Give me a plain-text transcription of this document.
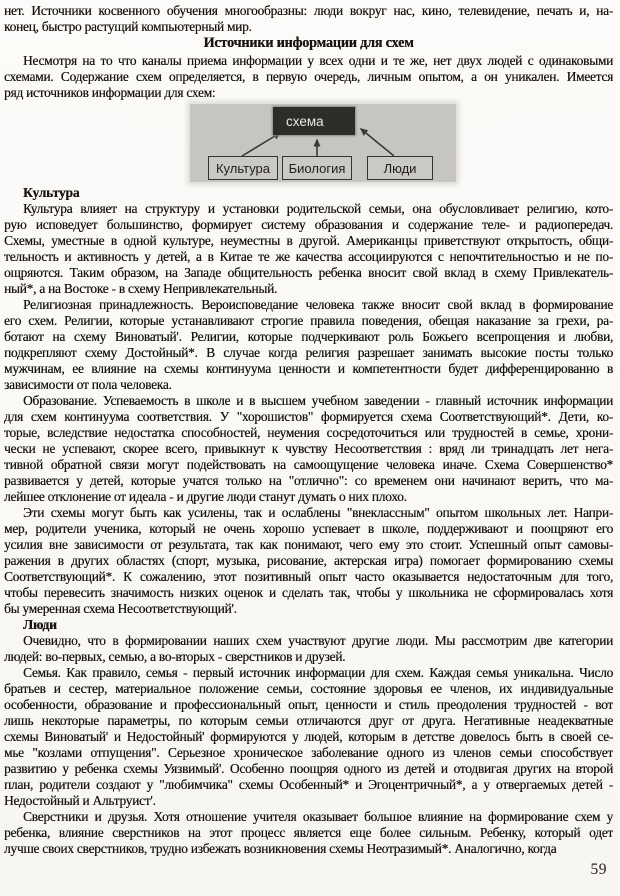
нет. Источники косвенного обучения многообразны: люди вокруг нас, кино, телевидение, печать и, на-
конец, быстро растущий компьютерный мир.
Источники информации для схем
Несмотря на то что каналы приема информации у всех одни и те же, нет двух людей с одинаковыми
схемами. Содержание схем определяется, в первую очередь, личным опытом, а он уникален. Имеется
ряд источников информации для схем:
схема
Культура Биология	Люди
Культура
Культура влияет на структуру и установки родительской семьи, она обусловливает религию, кото-
рую исповедует большинство, формирует систему образования и содержание теле- и радиопередач.
Схемы, уместные в одной культуре, неуместны в другой. Американцы приветствуют открытость, общи-
тельность и активность у детей, а в Китае те же качества ассоциируются с непочтительностью и не по-
ощряются. Таким образом, на Западе общительность ребенка вносит свой вклад в схему Привлекатель-
ный*, а на Востоке - в схему Непривлекательный.
Религиозная принадлежность. Вероисповедание человека также вносит свой вклад в формирование
его схем. Религии, которые устанавливают строгие правила поведения, обещая наказание за грехи, ра-
ботают на схему Виноватый'. Религии, которые подчеркивают роль Божьего всепрощения и любви,
подкрепляют схему Достойный*. В случае когда религия разрешает занимать высокие посты только
мужчинам, ее влияние на схемы континуума ценности и компетентности будет дифференцированно в
зависимости от пола человека.
Образование. Успеваемость в школе и в высшем учебном заведении - главный источник информации
для схем континуума соответствия. У "хорошистов" формируется схема Соответствующий*. Дети, ко-
торые, вследствие недостатка способностей, неумения сосредоточиться или трудностей в семье, хрони-
чески не успевают, скорее всего, привыкнут к чувству Несоответствия : вряд ли тринадцать лет нега-
тивной обратной связи могут подействовать на самоощущение человека иначе. Схема Совершенство*
развивается у детей, которые учатся только на "отлично": со временем они начинают верить, что ма-
лейшее отклонение от идеала - и другие люди станут думать о них плохо.
Эти схемы могут быть как усилены, так и ослаблены "внеклассным" опытом школьных лет. Напри-
мер, родители ученика, который не очень хорошо успевает в школе, поддерживают и поощряют его
усилия вне зависимости от результата, так как понимают, чего ему это стоит. Успешный опыт самовы-
ражения в других областях (спорт, музыка, рисование, актерская игра) помогает формированию схемы
Соответствующий*. К сожалению, этот позитивный опыт часто оказывается недостаточным для того,
чтобы перевесить значимость низких оценок и сделать так, чтобы у школьника не сформировалась хотя
бы умеренная схема Несоответствующий'.
Люди
Очевидно, что в формировании наших схем участвуют другие люди. Мы рассмотрим две категории
людей: во-первых, семью, а во-вторых - сверстников и друзей.
Семья. Как правило, семья - первый источник информации для схем. Каждая семья уникальна. Число
братьев и сестер, материальное положение семьи, состояние здоровья ее членов, их индивидуальные
особенности, образование и профессиональный опыт, ценности и стиль преодоления трудностей - вот
лишь некоторые параметры, по которым семьи отличаются друг от друга. Негативные неадекватные
схемы Виноватый' и Недостойный' формируются у людей, которым в детстве довелось быть в своей се-
мье "козлами отпущения". Серьезное хроническое заболевание одного из членов семьи способствует
развитию у ребенка схемы Уязвимый'. Особенно поощряя одного из детей и отодвигая других на второй
план, родители создают у "любимчика" схемы Особенный* и Эгоцентричный*, а у отвергаемых детей -
Недостойный и Альтруист'.
Сверстники и друзья. Хотя отношение учителя оказывает большое влияние на формирование схем у
ребенка, влияние сверстников на этот процесс является еще более сильным. Ребенку, который одет
лучше своих сверстников, трудно избежать возникновения схемы Неотразимый*. Аналогично, когда
59
